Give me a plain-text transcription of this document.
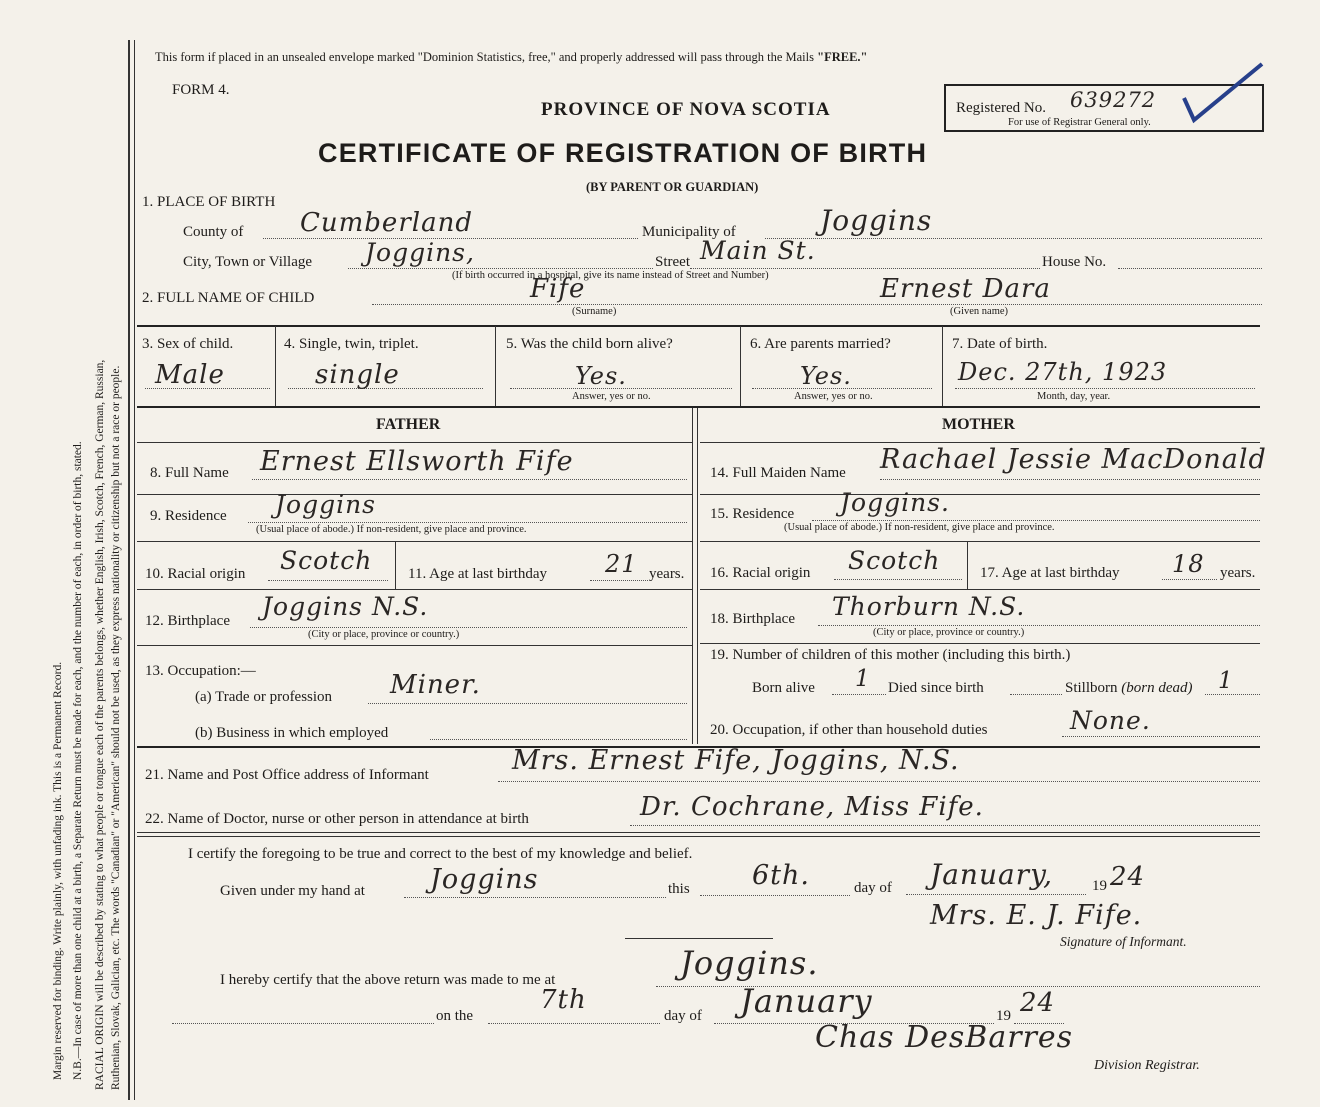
Margin reserved for binding. Write plainly, with unfading ink. This is a Permanent Record. N.B.—In case of more than one child at a birth, a Separate Return must be made for each, and the number of each, in order of birth, stated. RACIAL ORIGIN will be described by stating to what people or tongue each of the parents belongs, whether English, Irish, Scotch, French, German, Russian, Ruthenian, Slovak, Galician, etc. The words "Canadian" or "American" should not be used, as they express nationality or citizenship but not a race or people.
This form if placed in an unsealed envelope marked "Dominion Statistics, free," and properly addressed will pass through the Mails "FREE."
FORM 4.
PROVINCE OF NOVA SCOTIA
CERTIFICATE OF REGISTRATION OF BIRTH
(BY PARENT OR GUARDIAN)
Registered No. 639272
For use of Registrar General only.
1. PLACE OF BIRTH
County of Cumberland	Municipality of	Joggins
City, Town or Village Joggins,	Street Main St.	House No.
(If birth occurred in a hospital, give its name instead of Street and Number)
2. FULL NAME OF CHILD	Fife	Ernest Dara
(Surname)	(Given name)
3. Sex of child.
Male
4. Single, twin, triplet.
single
5. Was the child born alive?
Yes.
Answer, yes or no.
6. Are parents married?
Yes.
Answer, yes or no.
7. Date of birth.
Dec. 27th, 1923
Month, day, year.
FATHER	MOTHER
8. Full Name Ernest Ellsworth Fife
9. Residence Joggins
(Usual place of abode.) If non-resident, give place and province.
10. Racial origin Scotch 11. Age at last birthday 21 years.
12. Birthplace Joggins N.S.
(City or place, province or country.)
13. Occupation:—
(a) Trade or profession Miner.
(b) Business in which employed
14. Full Maiden Name Rachael Jessie MacDonald
15. Residence Joggins.
(Usual place of abode.) If non-resident, give place and province.
16. Racial origin Scotch	17. Age at last birthday 18 years.
18. Birthplace Thorburn N.S.
(City or place, province or country.)
19. Number of children of this mother (including this birth.)
Born alive 1 Died since birth	Stillborn (born dead) 1
20. Occupation, if other than household duties	None.
21. Name and Post Office address of Informant	Mrs. Ernest Fife, Joggins, N.S.
22. Name of Doctor, nurse or other person in attendance at birth	Dr. Cochrane, Miss Fife.
I certify the foregoing to be true and correct to the best of my knowledge and belief.
Given under my hand at Joggins	this 6th.	day of January,	19 24
Mrs. E. J. Fife.
Signature of Informant.
I hereby certify that the above return was made to me at	Joggins.
on the
7th
day of January	19 24
Chas DesBarres
Division Registrar.
